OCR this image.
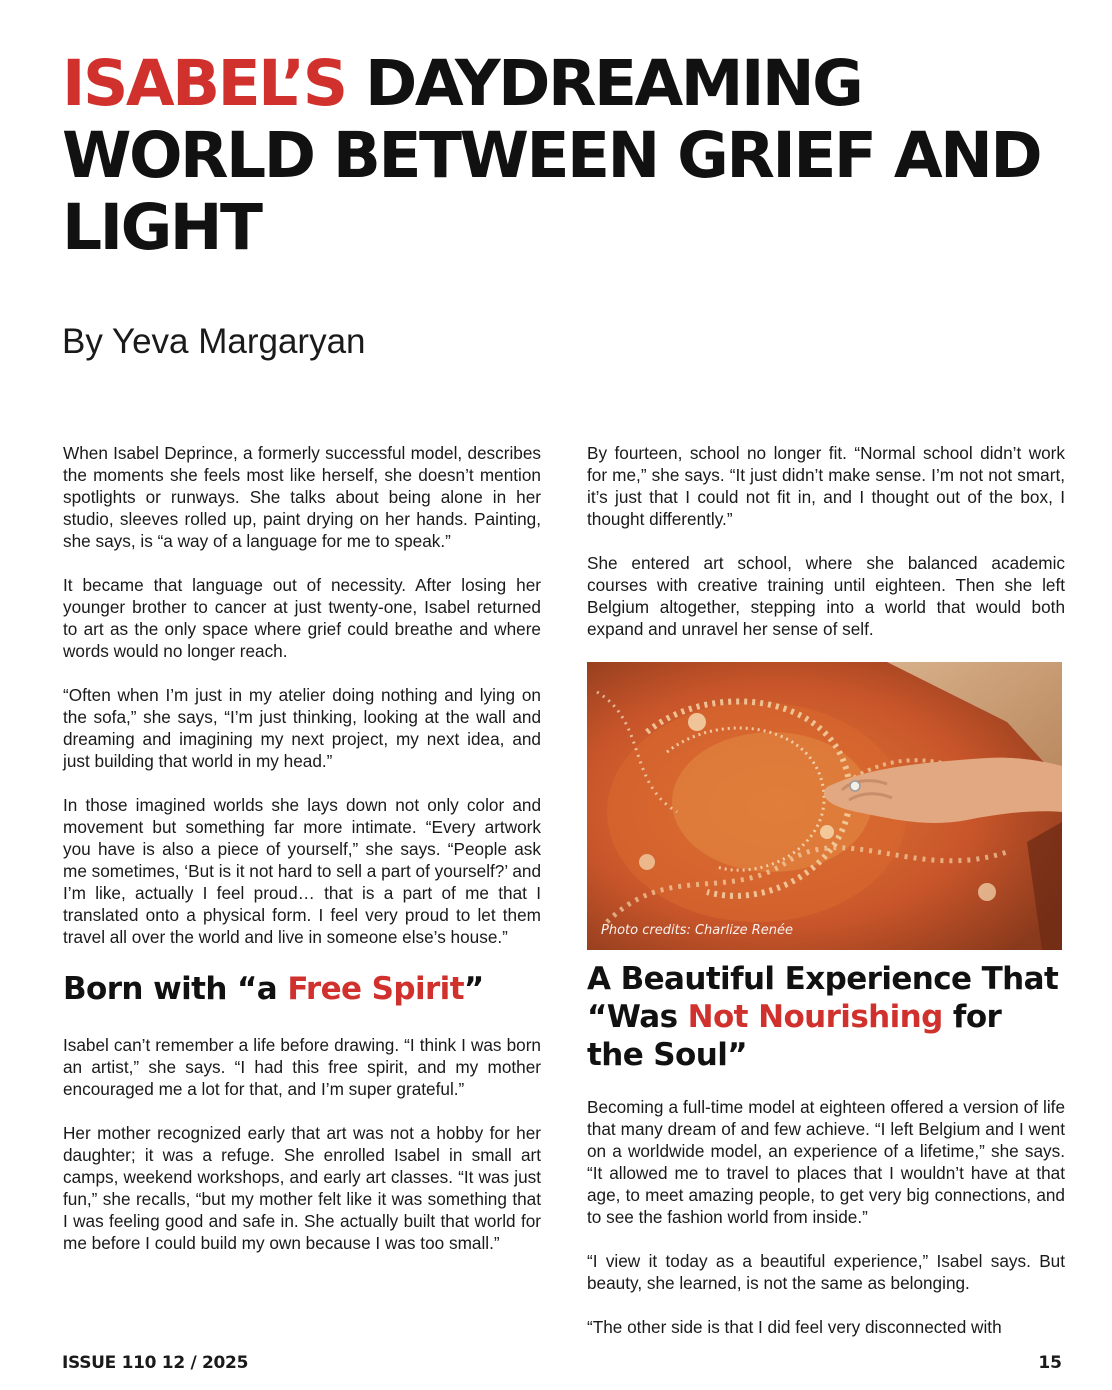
ISABEL’S DAYDREAMING WORLD BETWEEN GRIEF AND LIGHT
By Yeva Margaryan

When Isabel Deprince, a formerly successful model, describes the moments she feels most like herself, she doesn’t mention spotlights or runways. She talks about being alone in her studio, sleeves rolled up, paint drying on her hands. Painting, she says, is “a way of a language for me to speak.”

It became that language out of necessity. After losing her younger brother to cancer at just twenty-one, Isabel returned to art as the only space where grief could breathe and where words would no longer reach.

“Often when I’m just in my atelier doing nothing and lying on the sofa,” she says, “I’m just thinking, looking at the wall and dreaming and imagining my next project, my next idea, and just building that world in my head.”

In those imagined worlds she lays down not only color and movement but something far more intimate. “Every artwork you have is also a piece of yourself,” she says. “People ask me sometimes, ‘But is it not hard to sell a part of yourself?’ and I’m like, actually I feel proud… that is a part of me that I translated onto a physical form. I feel very proud to let them travel all over the world and live in someone else’s house.”

Born with “a Free Spirit”

Isabel can’t remember a life before drawing. “I think I was born an artist,” she says. “I had this free spirit, and my mother encouraged me a lot for that, and I’m super grateful.”

Her mother recognized early that art was not a hobby for her daughter; it was a refuge. She enrolled Isabel in small art camps, weekend workshops, and early art classes. “It was just fun,” she recalls, “but my mother felt like it was something that I was feeling good and safe in. She actually built that world for me before I could build my own because I was too small.”

By fourteen, school no longer fit. “Normal school didn’t work for me,” she says. “It just didn’t make sense. I’m not not smart, it’s just that I could not fit in, and I thought out of the box, I thought differently.”

She entered art school, where she balanced academic courses with creative training until eighteen. Then she left Belgium altogether, stepping into a world that would both expand and unravel her sense of self.

Photo credits: Charlize Renée
A Beautiful Experience That “Was Not Nourishing for the Soul”

Becoming a full-time model at eighteen offered a version of life that many dream of and few achieve. “I left Belgium and I went on a worldwide model, an experience of a lifetime,” she says. “It allowed me to travel to places that I wouldn’t have at that age, to meet amazing people, to get very big connections, and to see the fashion world from inside.”

“I view it today as a beautiful experience,” Isabel says. But beauty, she learned, is not the same as belonging.

“The other side is that I did feel very disconnected with

ISSUE 110 12 / 2025	15
